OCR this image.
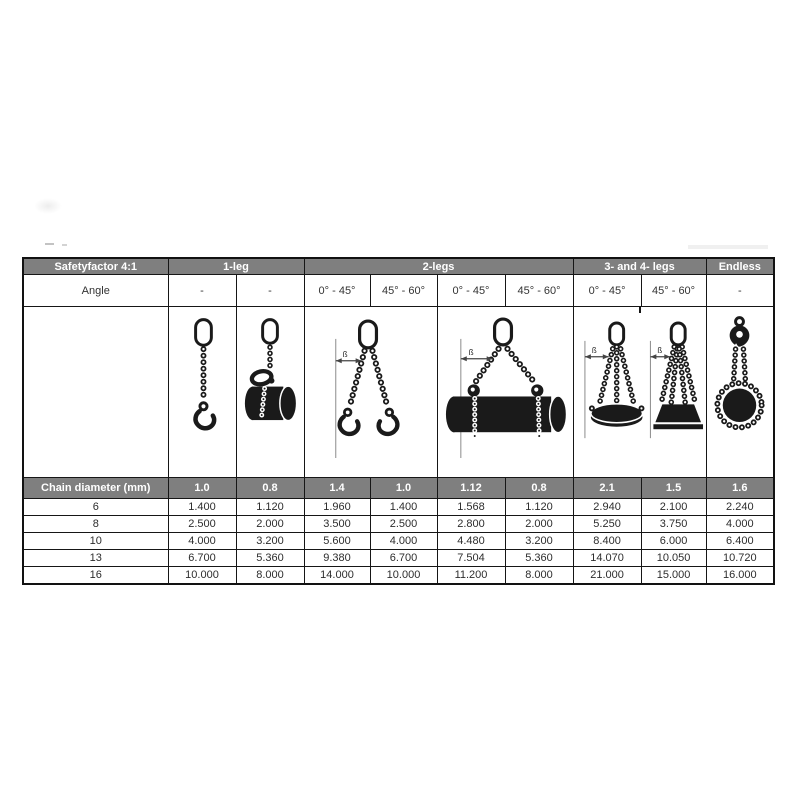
Safetyfactor 4:1	1-leg		2-legs				3- and 4- legs		Endless
Angle	-	-	0° - 45°	45° - 60°	0° - 45°	45° - 60°	0° - 45°	45° - 60°	-

ß		ß		ß ß

Chain diameter (mm)	1.0	0.8	1.4	1.0	1.12	0.8	2.1	1.5	1.6
6	1.400	1.120	1.960	1.400	1.568	1.120	2.940	2.100	2.240
8	2.500	2.000	3.500	2.500	2.800	2.000	5.250	3.750	4.000
10	4.000	3.200	5.600	4.000	4.480	3.200	8.400	6.000	6.400
13	6.700	5.360	9.380	6.700	7.504	5.360	14.070	10.050	10.720
16	10.000	8.000	14.000	10.000	11.200	8.000	21.000	15.000	16.000
